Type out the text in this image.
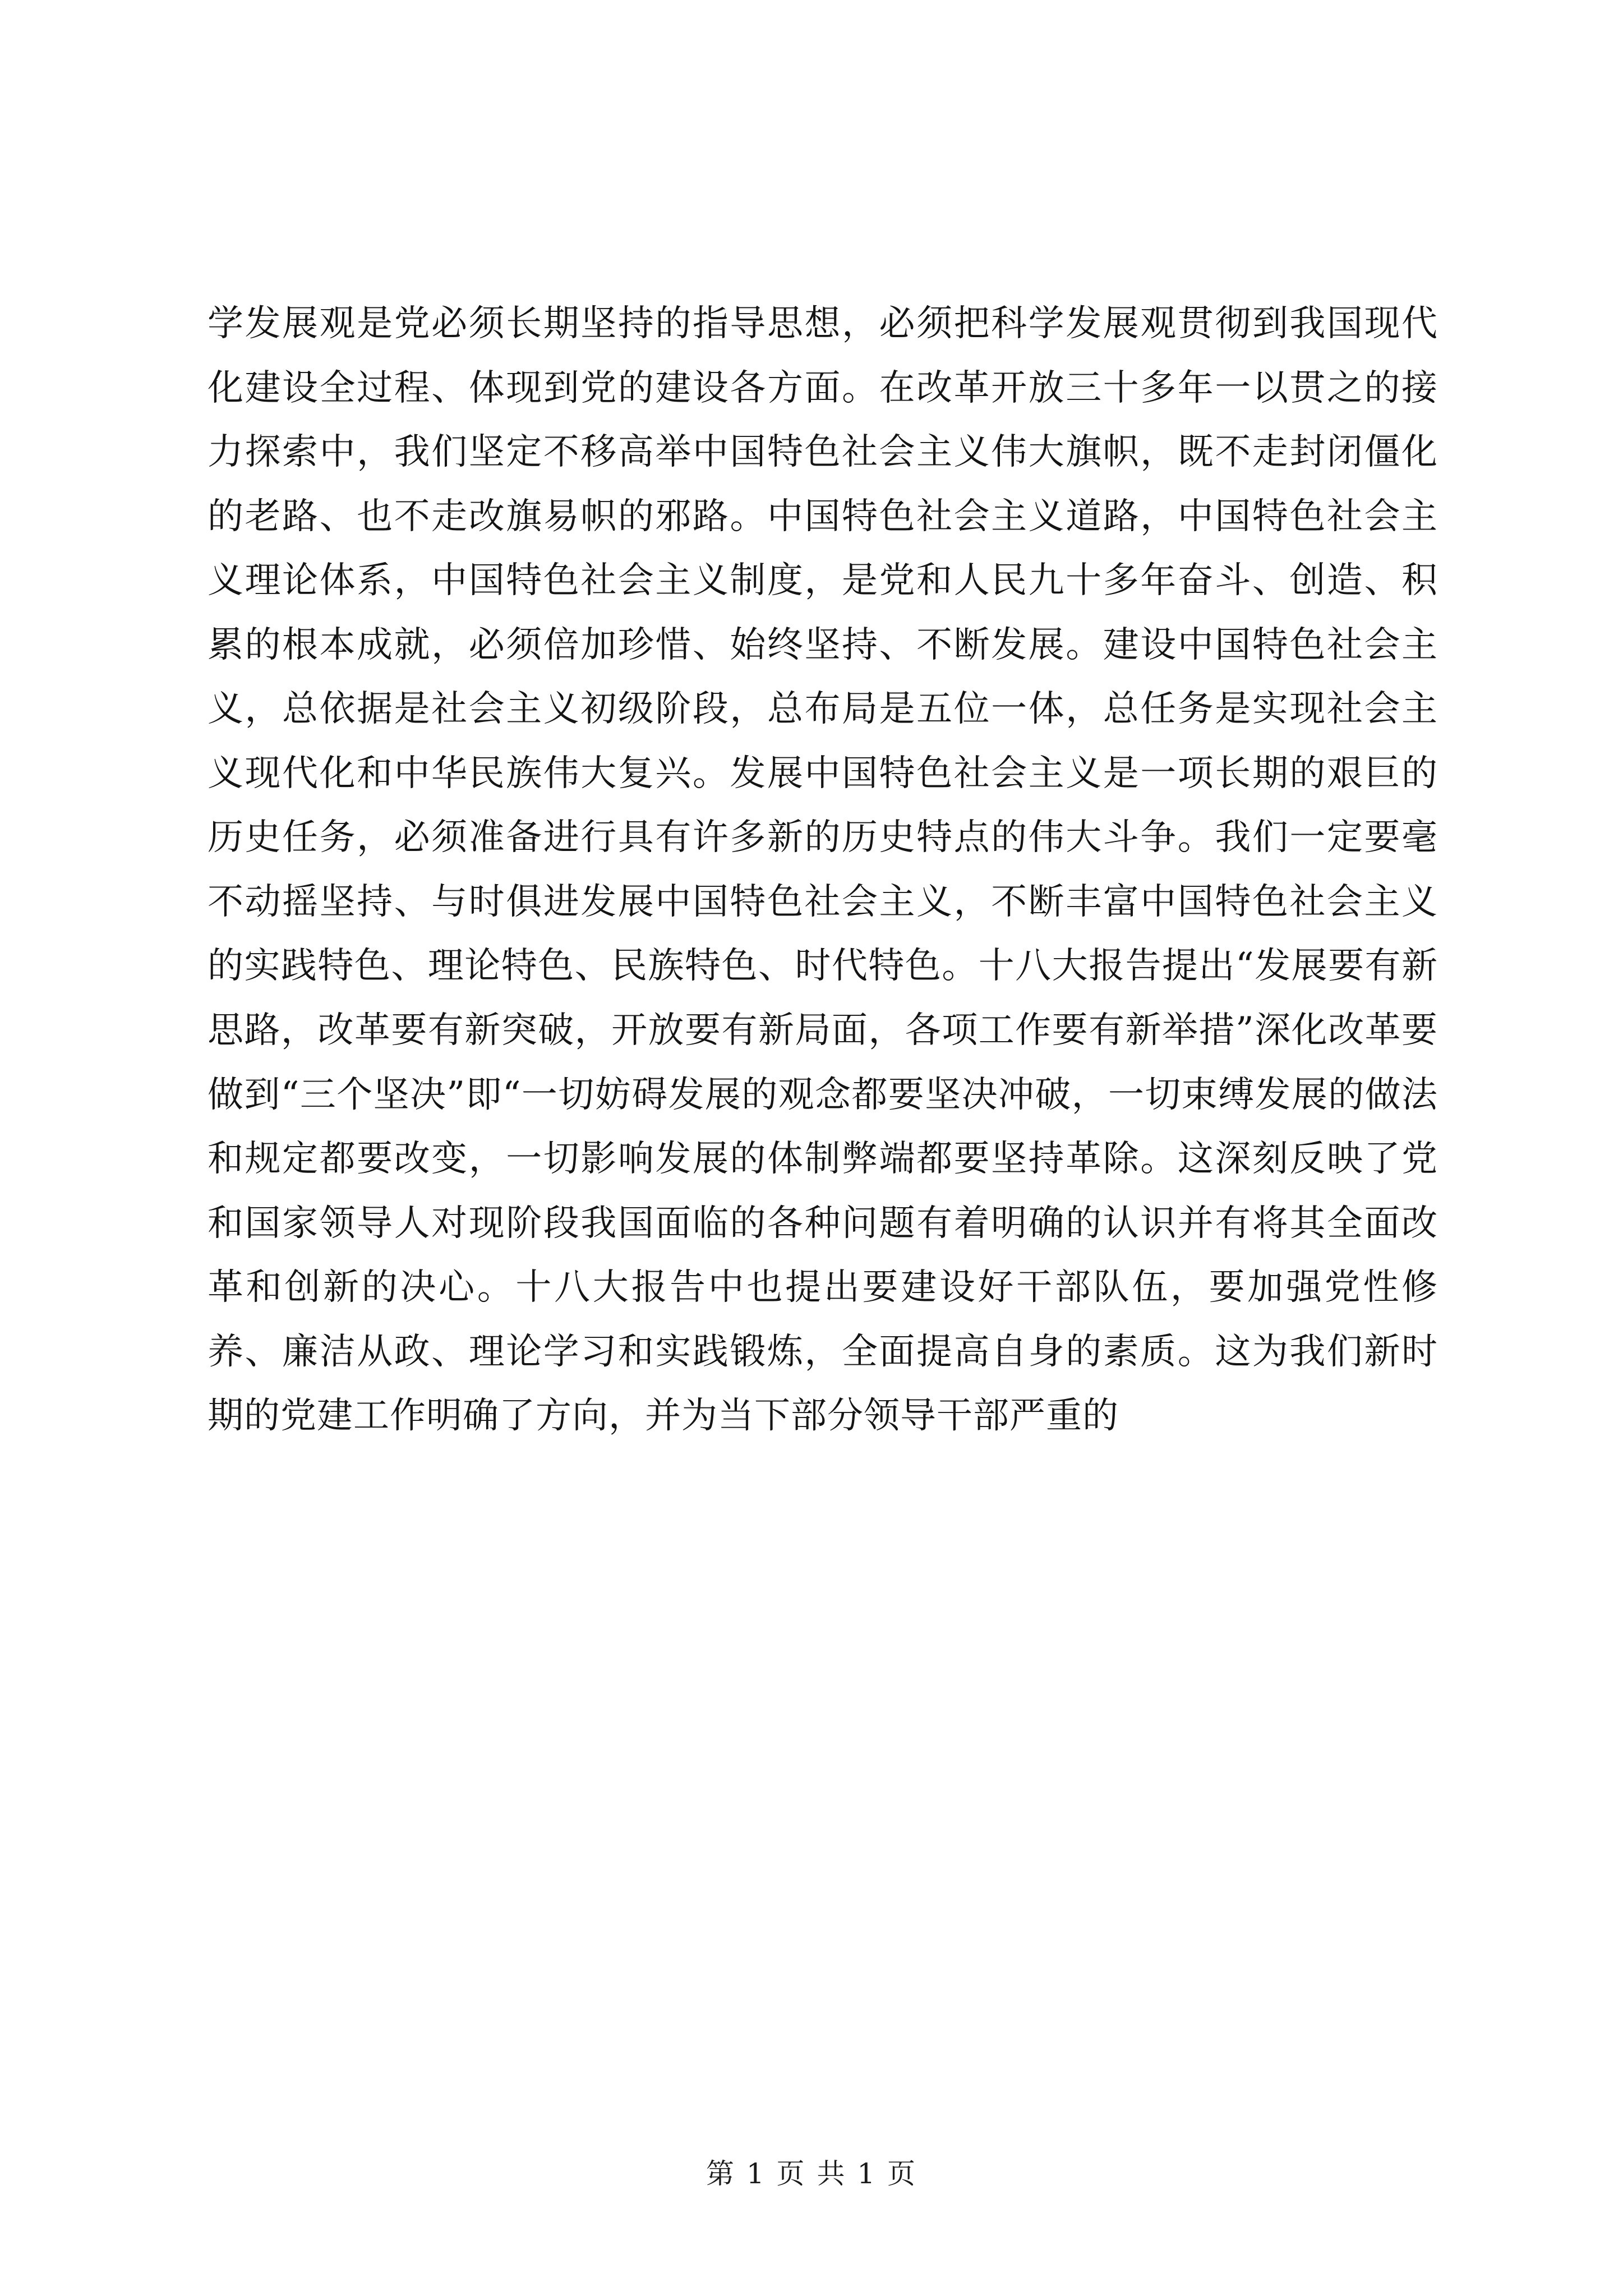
学发展观是党必须长期坚持的指导思想，必须把科学发展观贯彻到我国现代化建设全过程、体现到党的建设各方面。在改革开放三十多年一以贯之的接力探索中，我们坚定不移高举中国特色社会主义伟大旗帜，既不走封闭僵化的老路、也不走改旗易帜的邪路。中国特色社会主义道路，中国特色社会主义理论体系，中国特色社会主义制度，是党和人民九十多年奋斗、创造、积累的根本成就，必须倍加珍惜、始终坚持、不断发展。建设中国特色社会主义，总依据是社会主义初级阶段，总布局是五位一体，总任务是实现社会主义现代化和中华民族伟大复兴。发展中国特色社会主义是一项长期的艰巨的历史任务，必须准备进行具有许多新的历史特点的伟大斗争。我们一定要毫不动摇坚持、与时俱进发展中国特色社会主义，不断丰富中国特色社会主义的实践特色、理论特色、民族特色、时代特色。十八大报告提出“发展要有新思路，改革要有新突破，开放要有新局面，各项工作要有新举措”深化改革要做到“三个坚决”即“一切妨碍发展的观念都要坚决冲破，一切束缚发展的做法和规定都要改变，一切影响发展的体制弊端都要坚持革除。这深刻反映了党和国家领导人对现阶段我国面临的各种问题有着明确的认识并有将其全面改革和创新的决心。十八大报告中也提出要建设好干部队伍，要加强党性修养、廉洁从政、理论学习和实践锻炼，全面提高自身的素质。这为我们新时期的党建工作明确了方向，并为当下部分领导干部严重的

第 1 页 共 1 页
